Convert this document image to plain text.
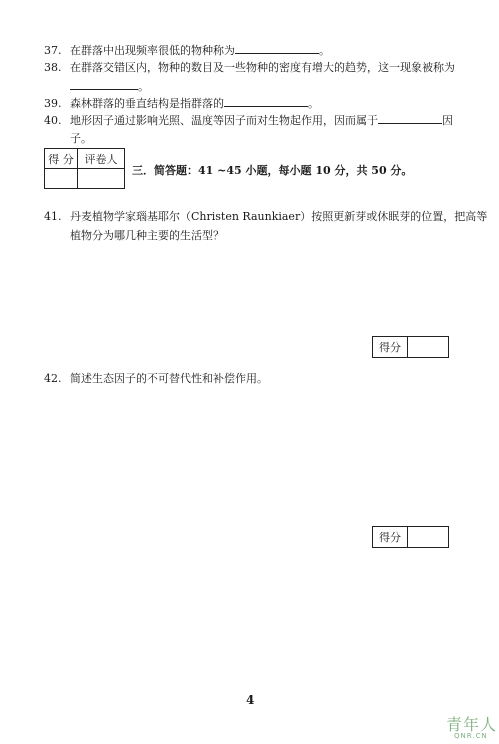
37. 在群落中出现频率很低的物种称为	。
38. 在群落交错区内，物种的数目及一些物种的密度有增大的趋势，这一现象被称为
。
39. 森林群落的垂直结构是指群落的	。
40. 地形因子通过影响光照、温度等因子而对生物起作用，因而属于	因
子。
得 分	评卷人

三．简答题：41 ~45 小题，每小题 10 分，共 50 分。
41. 丹麦植物学家瑙基耶尔（Christen Raunkiaer）按照更新芽或休眠芽的位置，把高等
植物分为哪几种主要的生活型？
得分
42. 简述生态因子的不可替代性和补偿作用。
得分
4
青年人
QNR.CN
